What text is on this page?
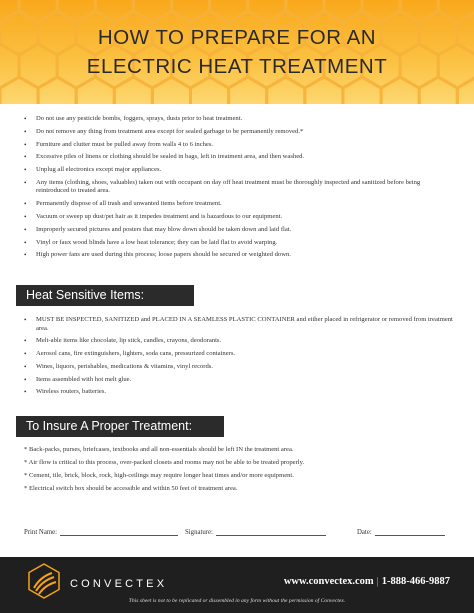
HOW TO PREPARE FOR AN
ELECTRIC HEAT TREATMENT
• Do not use any pesticide bombs, foggers, sprays, dusts prior to heat treatment.
• Do not remove any thing from treatment area except for sealed garbage to be permanently removed.*
• Furniture and clutter must be pulled away from walls 4 to 6 inches.
• Excessive piles of linens or clothing should be sealed in bags, left in treatment area, and then washed.
• Unplug all electronics except major appliances.
• Any items (clothing, shoes, valuables) taken out with occupant on day off heat treatment must be thoroughly inspected and sanitized before being reintroduced to treated area.
• Permanently dispose of all trash and unwanted items before treatment.
• Vacuum or sweep up dust/pet hair as it impedes treatment and is hazardous to our equipment.
• Improperly secured pictures and posters that may blow down should be taken down and laid flat.
• Vinyl or faux wood blinds have a low heat tolerance; they can be laid flat to avoid warping.
• High power fans are used during this process; loose papers should be secured or weighted down.
Heat Sensitive Items:
• MUST BE INSPECTED, SANITIZED and PLACED IN A SEAMLESS PLASTIC CONTAINER and either placed in refrigerator or removed from treatment area.
• Melt-able items like chocolate, lip stick, candles, crayons, deodorants.
• Aerosol cans, fire extinguishers, lighters, soda cans, pressurized containers.
• Wines, liquors, perishables, medications & vitamins, vinyl records.
• Items assembled with hot melt glue.
• Wireless routers, batteries.
To Insure A Proper Treatment:
* Back-packs, purses, briefcases, textbooks and all non-essentials should be left IN the treatment area.
* Air flow is critical to this process, over-packed closets and rooms may not be able to be treated properly.
* Cement, tile, brick, block, rock, high-ceilings may require longer heat times and/or more equipment.
* Electrical switch box should be accessible and within 50 feet of treatment area.
Print Name:	Signature:	Date:
CONVECTEX	www.convectex.com | 1-888-466-9887
This sheet is not to be replicated or dissembled in any form without the permission of Convectex.
